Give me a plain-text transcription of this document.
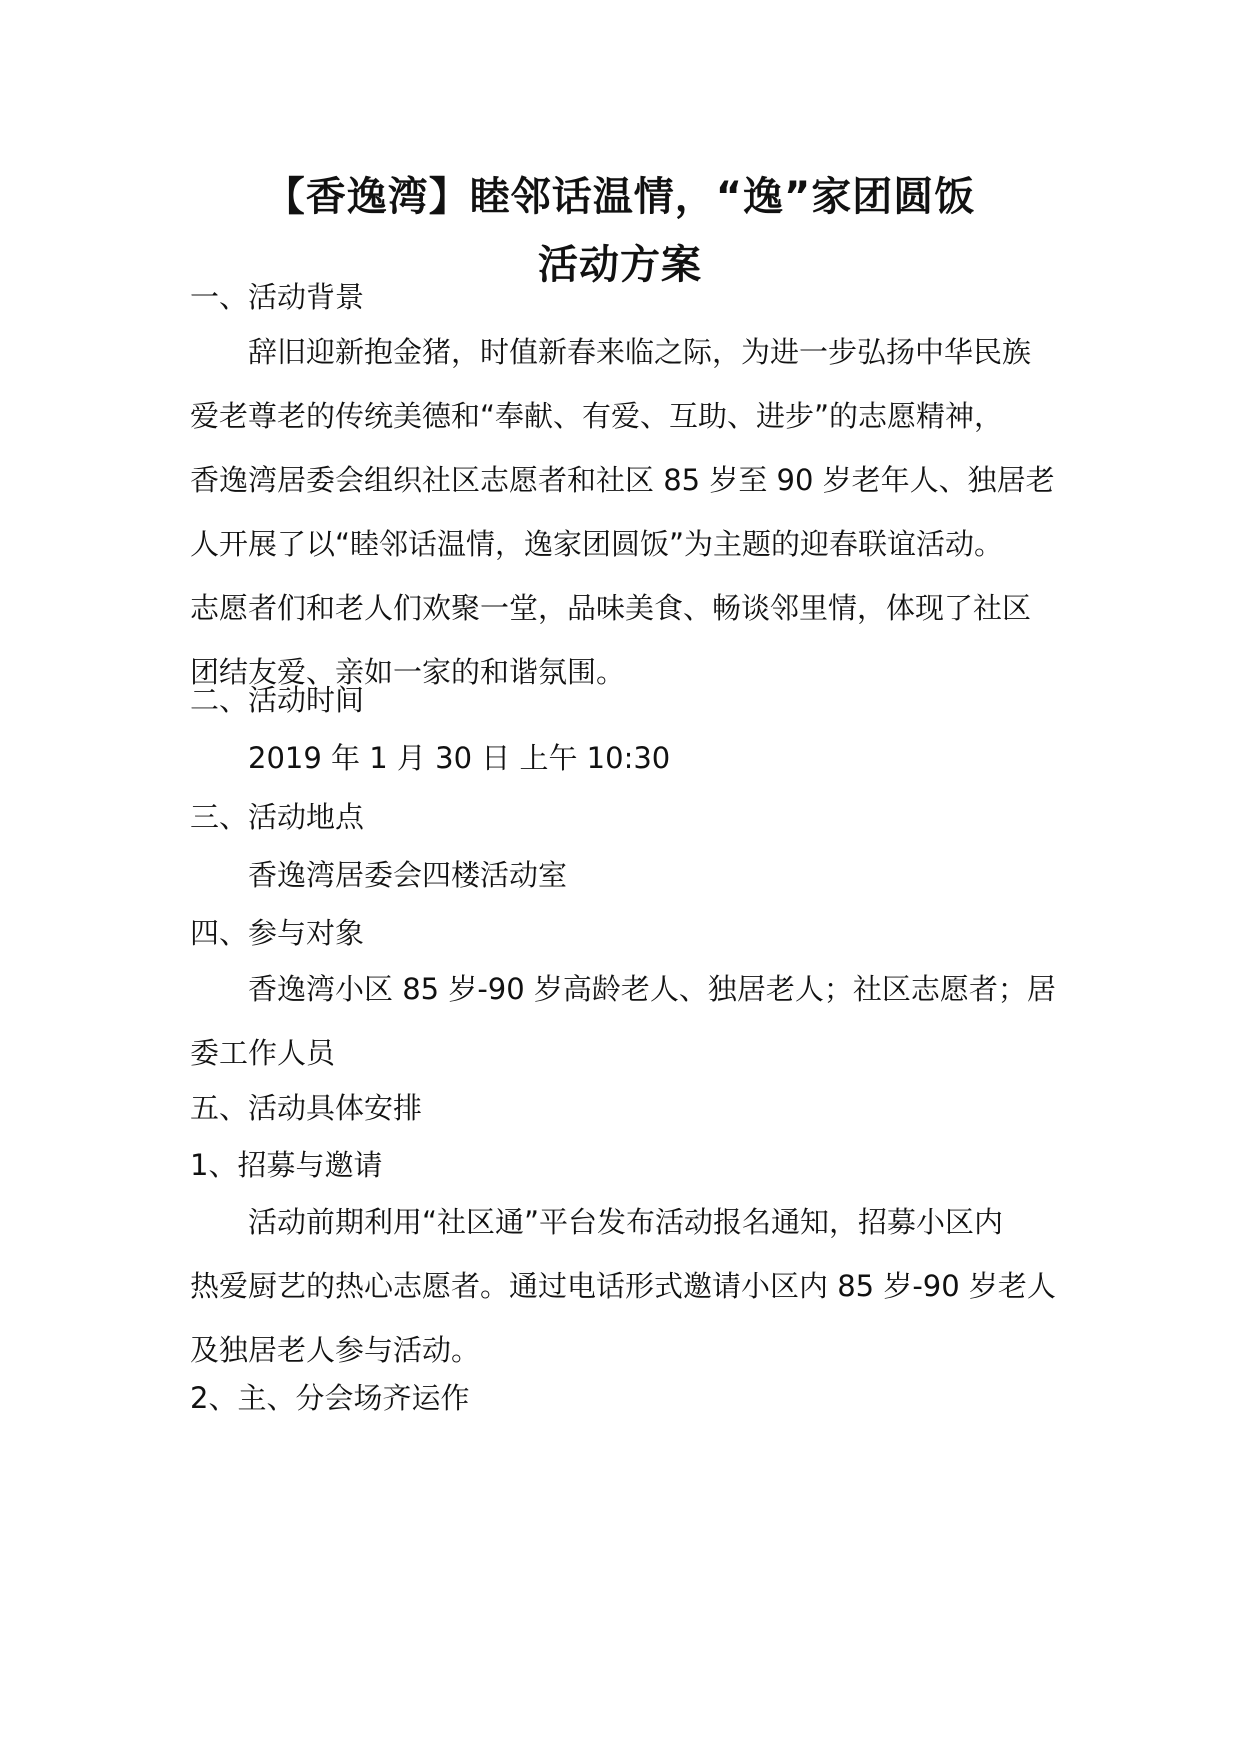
【香逸湾】睦邻话温情，“逸”家团圆饭
活动方案

一、活动背景

辞旧迎新抱金猪，时值新春来临之际，为进一步弘扬中华民族
爱老尊老的传统美德和“奉献、有爱、互助、进步”的志愿精神，
香逸湾居委会组织社区志愿者和社区 85 岁至 90 岁老年人、独居老
人开展了以“睦邻话温情，逸家团圆饭”为主题的迎春联谊活动。
志愿者们和老人们欢聚一堂，品味美食、畅谈邻里情，体现了社区
团结友爱、亲如一家的和谐氛围。

二、活动时间

2019 年 1 月 30 日 上午 10:30

三、活动地点

香逸湾居委会四楼活动室

四、参与对象

香逸湾小区 85 岁-90 岁高龄老人、独居老人；社区志愿者；居
委工作人员

五、活动具体安排

1、招募与邀请

活动前期利用“社区通”平台发布活动报名通知，招募小区内
热爱厨艺的热心志愿者。通过电话形式邀请小区内 85 岁-90 岁老人
及独居老人参与活动。

2、主、分会场齐运作
